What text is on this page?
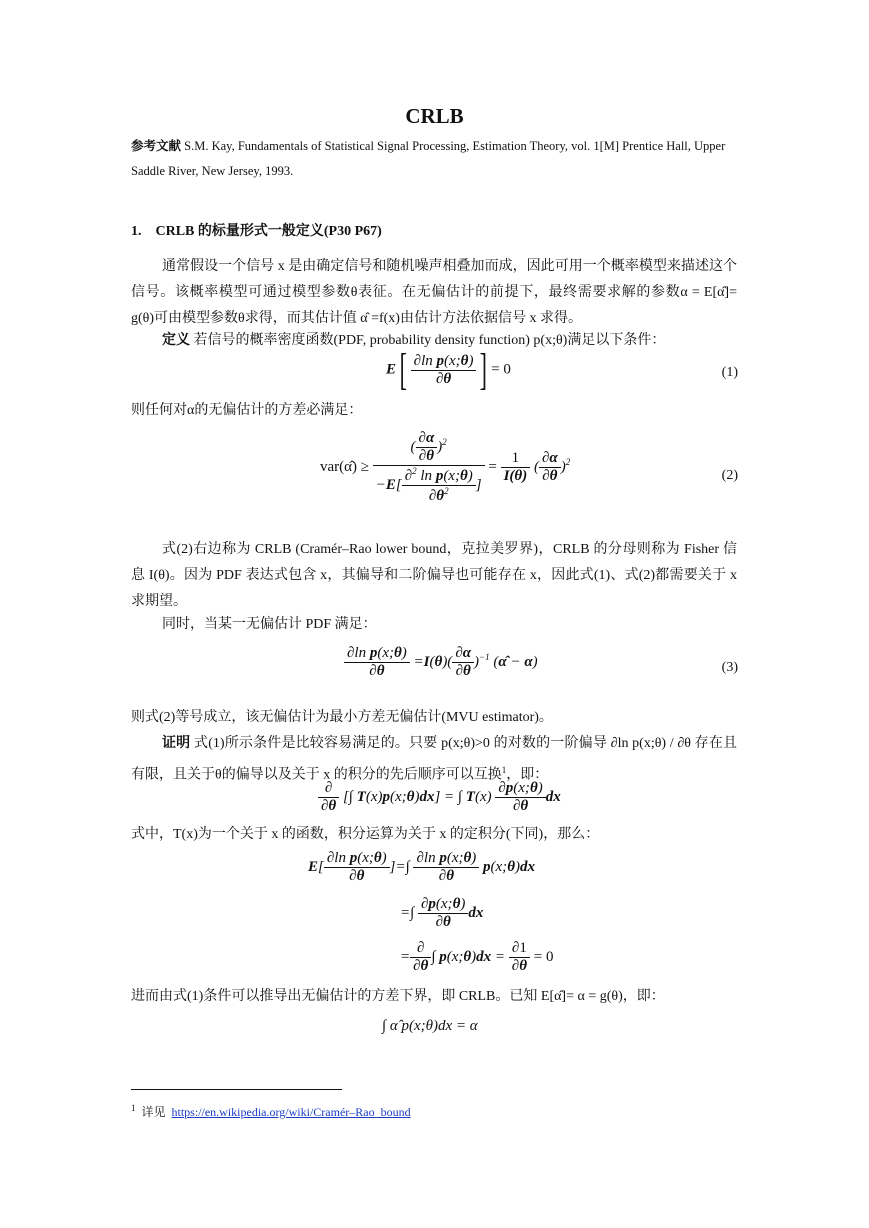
CRLB
参考文献 S.M. Kay, Fundamentals of Statistical Signal Processing, Estimation Theory, vol. 1[M] Prentice Hall, Upper Saddle River, New Jersey, 1993.
1. CRLB 的标量形式一般定义(P30 P67)
通常假设一个信号 x 是由确定信号和随机噪声相叠加而成，因此可用一个概率模型来描述这个信号。该概率模型可通过模型参数θ表征。在无偏估计的前提下，最终需要求解的参数α = E[α̂]= g(θ)可由模型参数θ求得，而其估计值 α̂ =f(x)由估计方法依据信号 x 求得。
定义 若信号的概率密度函数(PDF, probability density function) p(x;θ)满足以下条件：
$E[ \frac{\text{∂ln p(x;θ)}}{\partial\theta}$ ] = 0	(1)
则任何对α的无偏估计的方差必满足：
var(α̂) ≥ $\frac{( \frac{\partial\alpha}{\partial\theta} )^2}{-E[ \frac{\partial^2 \ln p(x;\theta)}{\partial\theta^2} ]} = \frac{1}{I(\theta)}$ ( $\frac{\partial\alpha}{\partial\theta} )^2$
(2)
式(2)右边称为 CRLB (Cramér–Rao lower bound，克拉美罗界)，CRLB 的分母则称为 Fisher 信息 I(θ)。因为 PDF 表达式包含 x，其偏导和二阶偏导也可能存在 x，因此式(1)、式(2)都需要关于 x 求期望。
同时，当某一无偏估计 PDF 满足：
$\frac{\text{∂ln p(x;θ)}}{\partial\theta} =I(\theta)( \frac{\partial\alpha}{\partial\theta} )^{-1}$ (α̂ − α)	(3)
则式(2)等号成立，该无偏估计为最小方差无偏估计(MVU estimator)。
证明 式(1)所示条件是比较容易满足的。只要 p(x;θ)>0 的对数的一阶偏导 ∂ln p(x;θ) / ∂θ 存在且有限，且关于θ的偏导以及关于 x 的积分的先后顺序可以互换$^1$，即：
$\frac{\partial}{\partial\theta}$ [∫ T(x)p(x;θ)dx] = ∫ $T(x) \frac{\partial p(x;\theta)}{\partial\theta}$ dx
式中，T(x)为一个关于 x 的函数，积分运算为关于 x 的定积分(下同)，那么：
$E[ \frac{\text{∂ln p(x;θ)}}{\partial\theta}$ ]=∫ $\frac{\text{∂ln p(x;θ)}}{\partial\theta}$ p(x;θ)dx
=∫ $\frac{\partial p(x;\theta)}{\partial\theta}$ dx
= $\frac{\partial}{\partial\theta}$ ∫ p(x;θ)dx = $\frac{\partial 1}{\partial\theta} = 0$
进而由式(1)条件可以推导出无偏估计的方差下界，即 CRLB。已知 E[α̂]= α = g(θ)，即：
∫ α̂ p(x;θ)dx = α
$^1$ 详见 https://en.wikipedia.org/wiki/Cramér–Rao_bound
